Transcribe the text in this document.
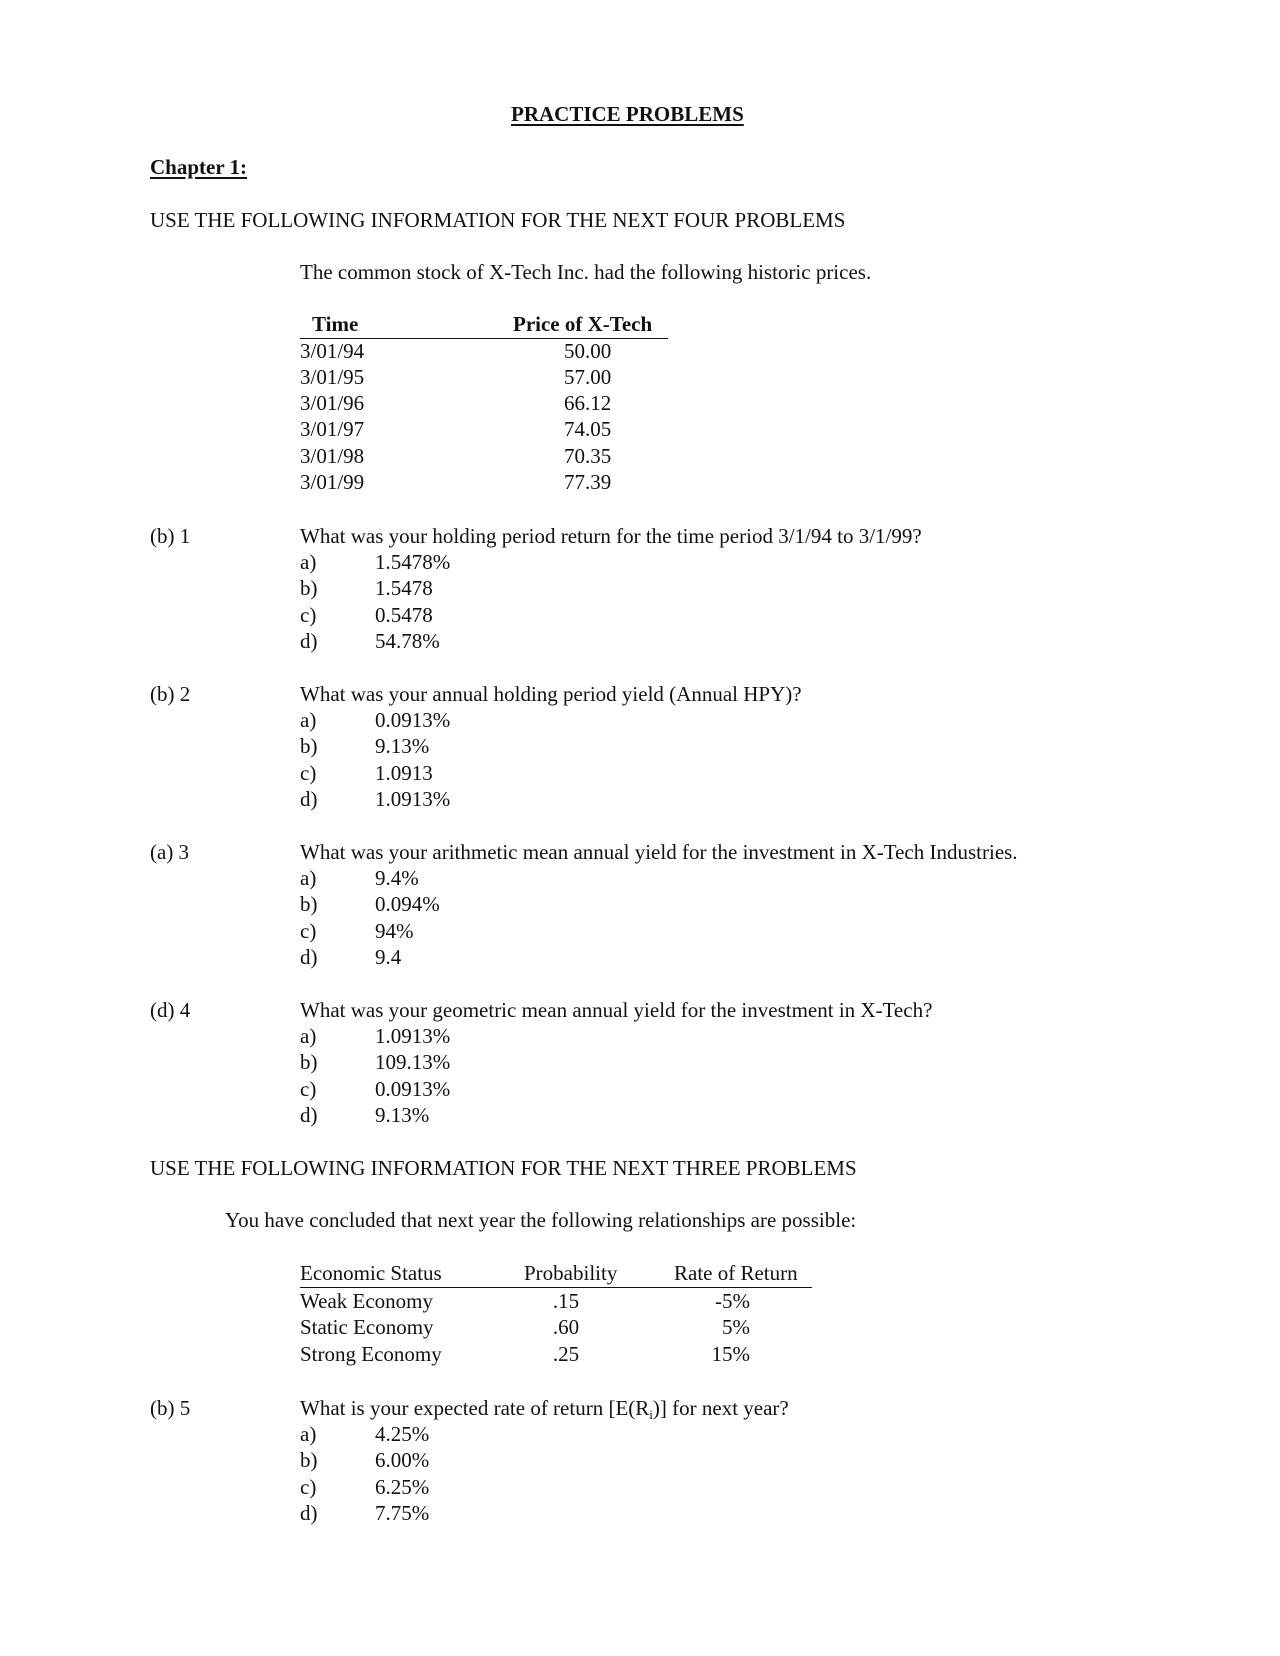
PRACTICE PROBLEMS
Chapter 1:
USE THE FOLLOWING INFORMATION FOR THE NEXT FOUR PROBLEMS
The common stock of X-Tech Inc. had the following historic prices.
Time	Price of X-Tech
3/01/94	50.00
3/01/95	57.00
3/01/96	66.12
3/01/97	74.05
3/01/98	70.35
3/01/99	77.39
(b) 1	What was your holding period return for the time period 3/1/94 to 3/1/99?
a)	1.5478%
b)	1.5478
c)	0.5478
d)	54.78%
(b) 2	What was your annual holding period yield (Annual HPY)?
a)	0.0913%
b)	9.13%
c)	1.0913
d)	1.0913%
(a) 3	What was your arithmetic mean annual yield for the investment in X-Tech Industries.
a)	9.4%
b)	0.094%
c)	94%
d)	9.4
(d) 4	What was your geometric mean annual yield for the investment in X-Tech?
a)	1.0913%
b)	109.13%
c)	0.0913%
d)	9.13%
USE THE FOLLOWING INFORMATION FOR THE NEXT THREE PROBLEMS
You have concluded that next year the following relationships are possible:
Economic Status	Probability	Rate of Return
Weak Economy	.15	-5%
Static Economy	.60	5%
Strong Economy	.25	15%
(b) 5	What is your expected rate of return $[E(R_i)]$ for next year?
a)	4.25%
b)	6.00%
c)	6.25%
d)	7.75%
